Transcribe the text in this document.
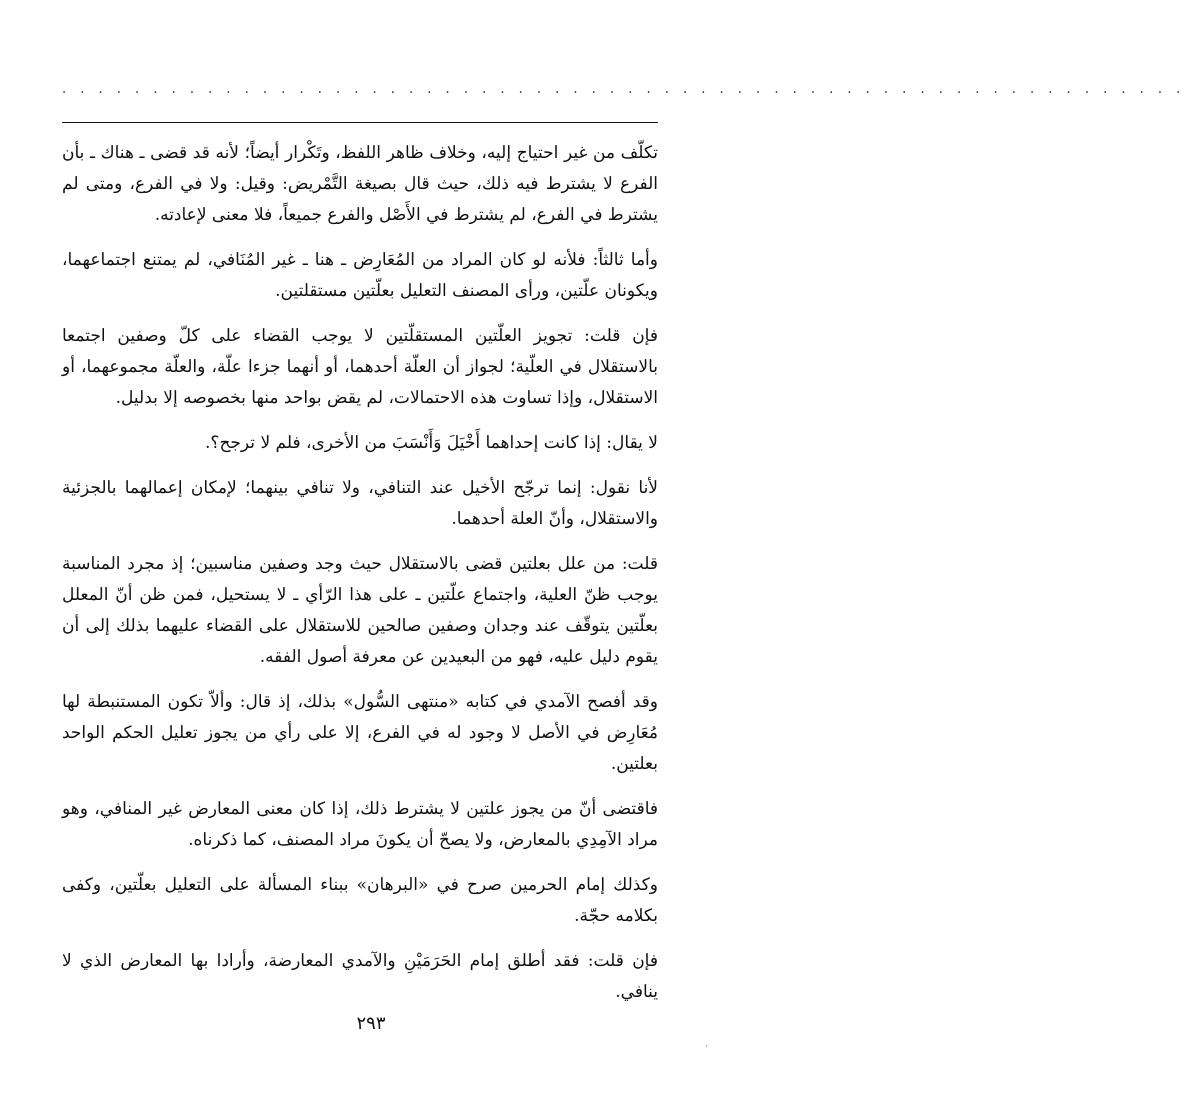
. . . . . . . . . . . . . . . . . . . . . . . . . . . . . . . . . . . . . . . . . . . . . . . . . . . . . . . . . . . . . .

تكلّف من غير احتياج إليه، وخلاف ظاهر اللفظ، وتَكْرار أيضاً؛ لأنه قد قضى ـ هناك ـ بأن الفرع لا يشترط فيه ذلك، حيث قال بصيغة التَّمْريض: وقيل: ولا في الفرع، ومتى لم يشترط في الفرع، لم يشترط في الأَصْل والفرع جميعاً، فلا معنى لإعادته.

وأما ثالثاً: فلأنه لو كان المراد من المُعَارِض ـ هنا ـ غير المُنَافي، لم يمتنع اجتماعهما، ويكونان علّتين، ورأى المصنف التعليل بعلّتين مستقلتين.

فإن قلت: تجويز العلّتين المستقلّتين لا يوجب القضاء على كلّ وصفين اجتمعا بالاستقلال في العلّية؛ لجواز أن العلّة أحدهما، أو أنهما جزءا علّة، والعلّة مجموعهما، أو الاستقلال، وإذا تساوت هذه الاحتمالات، لم يقض بواحد منها بخصوصه إلا بدليل.

لا يقال: إذا كانت إحداهما أَخْيَلَ وَأَنْسَبَ من الأخرى، فلم لا ترجح؟.

لأنا نقول: إنما ترجّح الأخيل عند التنافي، ولا تنافي بينهما؛ لإمكان إعمالهما بالجزئية والاستقلال، وأنّ العلة أحدهما.

قلت: من علل بعلتين قضى بالاستقلال حيث وجد وصفين مناسبين؛ إذ مجرد المناسبة يوجب ظنّ العلية، واجتماع علّتين ـ على هذا الرّأي ـ لا يستحيل، فمن ظن أنّ المعلل بعلّتين يتوقّف عند وجدان وصفين صالحين للاستقلال على القضاء عليهما بذلك إلى أن يقوم دليل عليه، فهو من البعيدين عن معرفة أصول الفقه.

وقد أفصح الآمدي في كتابه «منتهى السُّول» بذلك، إذ قال: وألاّ تكون المستنبطة لها مُعَارِض في الأصل لا وجود له في الفرع، إلا على رأي من يجوز تعليل الحكم الواحد بعلتين.

فاقتضى أنّ من يجوز علتين لا يشترط ذلك، إذا كان معنى المعارض غير المنافي، وهو مراد الآمِدِي بالمعارض، ولا يصحّ أن يكونَ مراد المصنف، كما ذكرناه.

وكذلك إمام الحرمين صرح في «البرهان» ببناء المسألة على التعليل بعلّتين، وكفى بكلامه حجّة.

فإن قلت: فقد أطلق إمام الحَرَمَيْنِ والآمدي المعارضة، وأرادا بها المعارض الذي لا ينافي.

٢٩٣
·
